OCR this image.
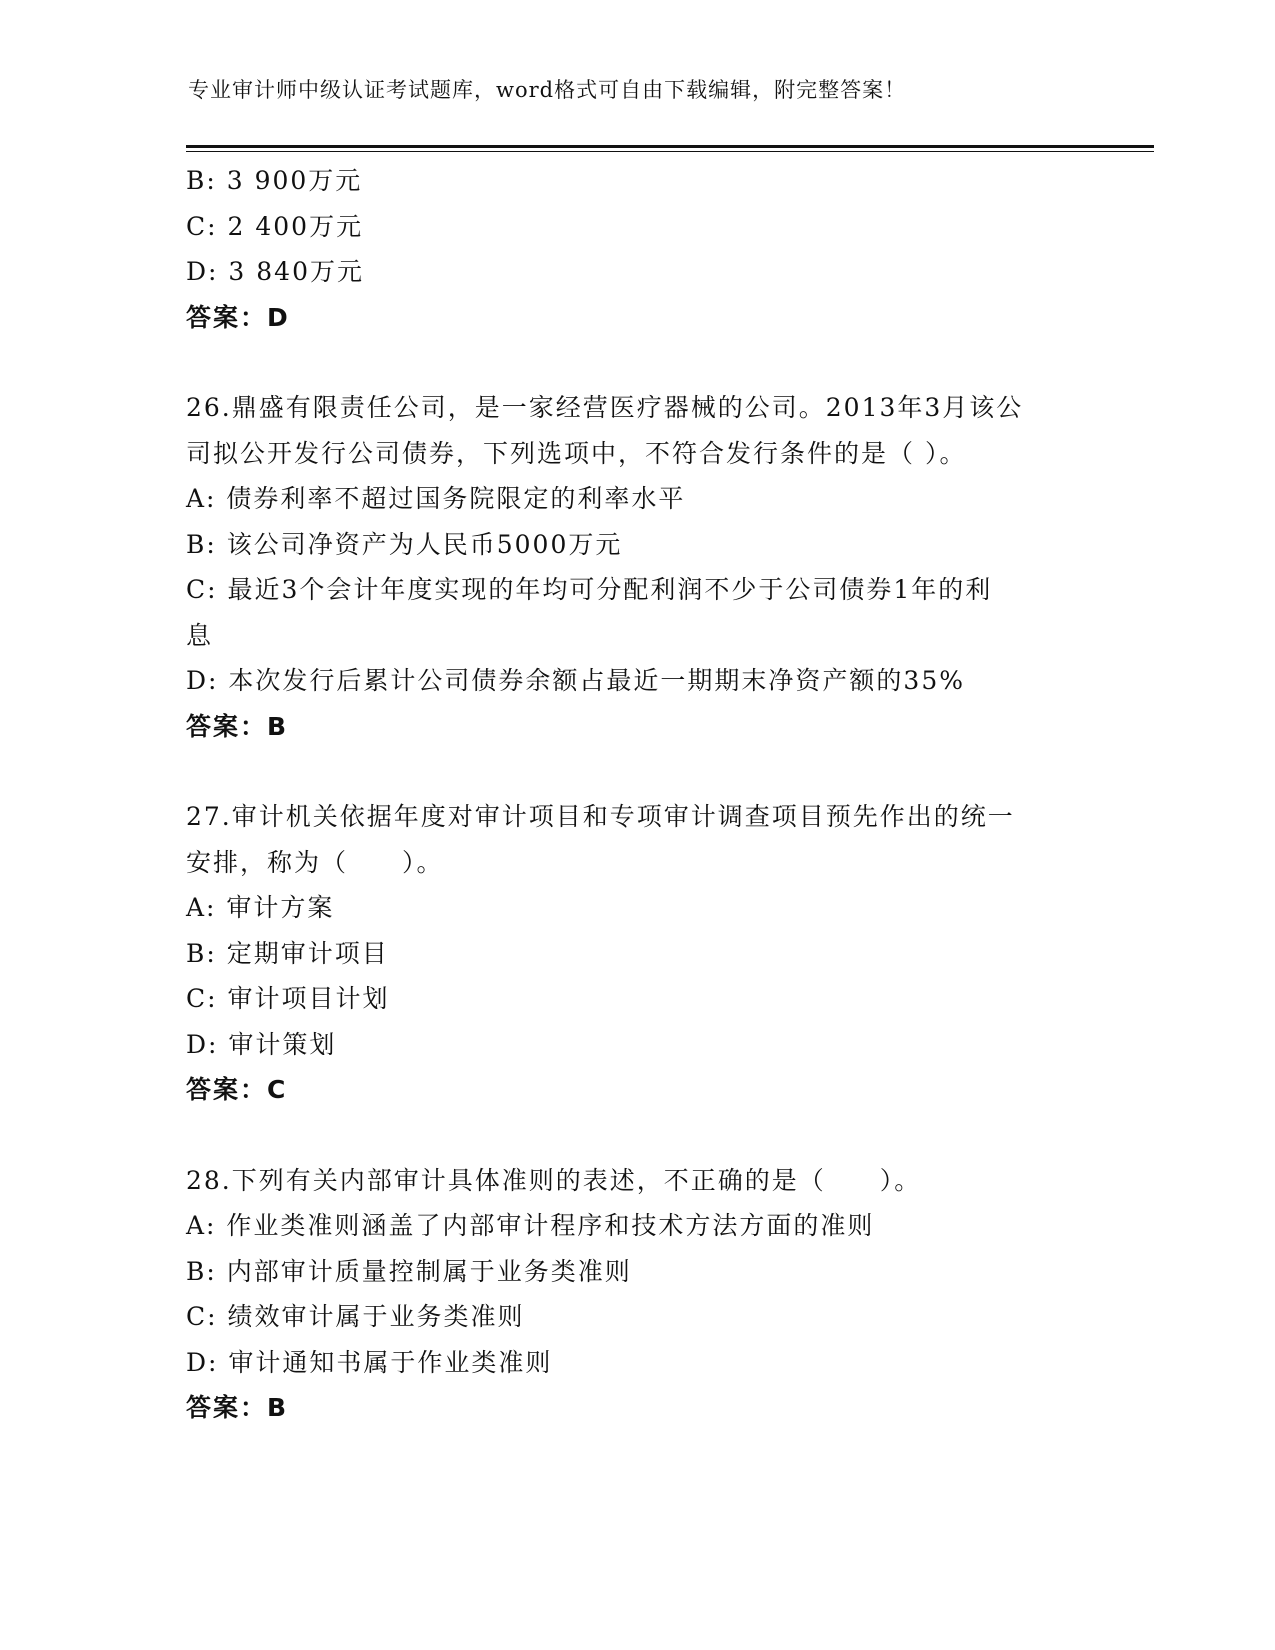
专业审计师中级认证考试题库，word格式可自由下载编辑，附完整答案！
B: 3 900万元
C: 2 400万元
D: 3 840万元
答案：D
26.鼎盛有限责任公司，是一家经营医疗器械的公司。2013年3月该公
司拟公开发行公司债券，下列选项中，不符合发行条件的是（ ）。
A: 债券利率不超过国务院限定的利率水平
B: 该公司净资产为人民币5000万元
C: 最近3个会计年度实现的年均可分配利润不少于公司债券1年的利
息
D: 本次发行后累计公司债券余额占最近一期期末净资产额的35%
答案：B
27.审计机关依据年度对审计项目和专项审计调查项目预先作出的统一
安排，称为（　　）。
A: 审计方案
B: 定期审计项目
C: 审计项目计划
D: 审计策划
答案：C
28.下列有关内部审计具体准则的表述，不正确的是（　　）。
A: 作业类准则涵盖了内部审计程序和技术方法方面的准则
B: 内部审计质量控制属于业务类准则
C: 绩效审计属于业务类准则
D: 审计通知书属于作业类准则
答案：B
